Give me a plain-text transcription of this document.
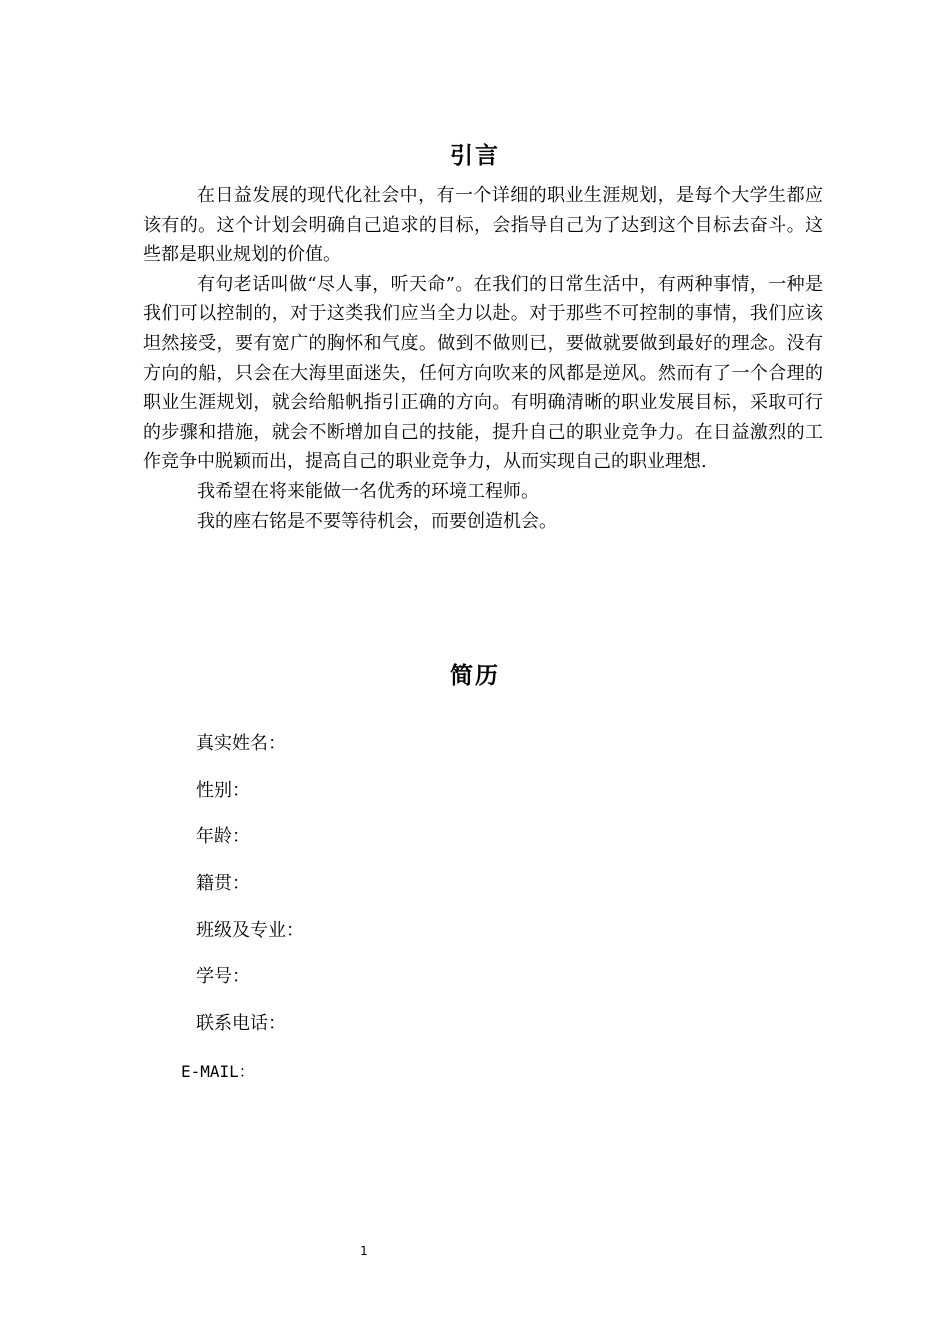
引言

在日益发展的现代化社会中，有一个详细的职业生涯规划，是每个大学生都应该有的。这个计划会明确自己追求的目标，会指导自己为了达到这个目标去奋斗。这些都是职业规划的价值。

有句老话叫做“尽人事，听天命”。在我们的日常生活中，有两种事情，一种是我们可以控制的，对于这类我们应当全力以赴。对于那些不可控制的事情，我们应该坦然接受，要有宽广的胸怀和气度。做到不做则已，要做就要做到最好的理念。没有方向的船，只会在大海里面迷失，任何方向吹来的风都是逆风。然而有了一个合理的职业生涯规划，就会给船帆指引正确的方向。有明确清晰的职业发展目标，采取可行的步骤和措施，就会不断增加自己的技能，提升自己的职业竞争力。在日益激烈的工作竞争中脱颖而出，提高自己的职业竞争力，从而实现自己的职业理想.

我希望在将来能做一名优秀的环境工程师。

我的座右铭是不要等待机会，而要创造机会。

简历
真实姓名：
性别：
年龄：
籍贯：
班级及专业：
学号：
联系电话：
E-MAIL：
1
